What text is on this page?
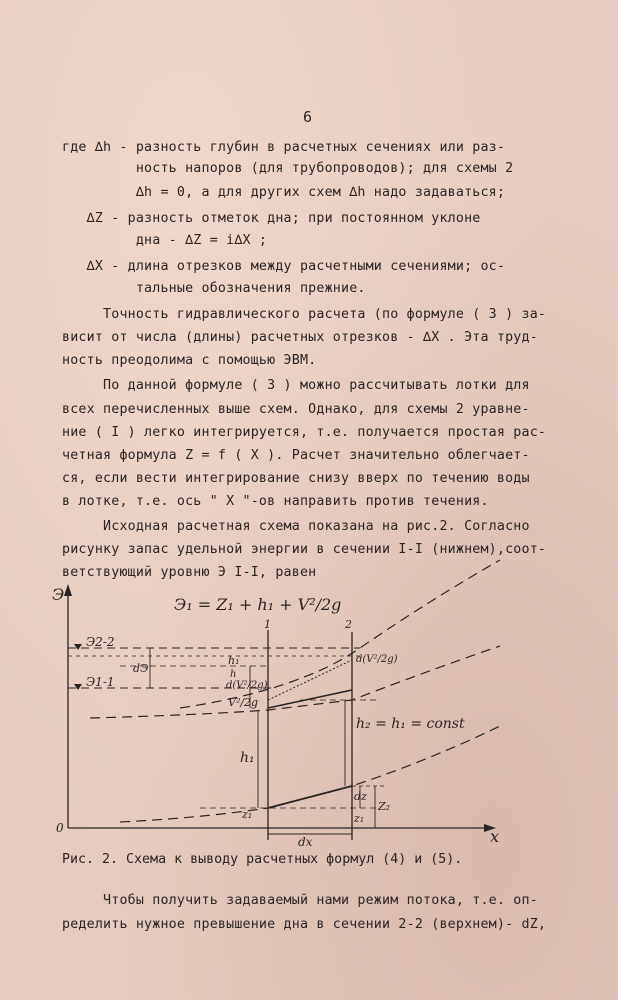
6
где ∆h - разность глубин в расчетных сечениях или раз-
ность напоров (для трубопроводов); для схемы 2
∆h = 0, а для других схем ∆h надо задаваться;
∆Z - разность отметок дна; при постоянном уклоне
дна - ∆Z = i∆X ;
∆X - длина отрезков между расчетными сечениями; ос-
тальные обозначения прежние.
Точность гидравлического расчета (по формуле ( 3 ) за-
висит от числа (длины) расчетных отрезков - ∆X . Эта труд-
ность преодолима с помощью ЭВМ.
По данной формуле ( 3 ) можно рассчитывать лотки для
всех перечисленных выше схем. Однако, для схемы 2 уравне-
ние ( I ) легко интегрируется, т.е. получается простая рас-
четная формула Z = f ( X ). Расчет значительно облегчает-
ся, если вести интегрирование снизу вверх по течению воды
в лотке, т.е. ось " X "-ов направить против течения.
Исходная расчетная схема показана на рис.2. Согласно
рисунку запас удельной энергии в сечении I-I (нижнем),соот-
ветствующий уровню Э I-I, равен
Э
x
0
Э₁ = Z₁ + h₁ + V²/2g
1	2
Э2-2
Э1-1
dЭ
h₁
h
d(V²/2g)
d(V²/2g)
V²/2g
h₁
h₂ = h₁ = const
dz
z₁	z₁
Z₂
dx
Рис. 2. Схема к выводу расчетных формул (4) и (5).
Чтобы получить задаваемый нами режим потока, т.е. оп-
ределить нужное превышение дна в сечении 2-2 (верхнем)- dZ,
